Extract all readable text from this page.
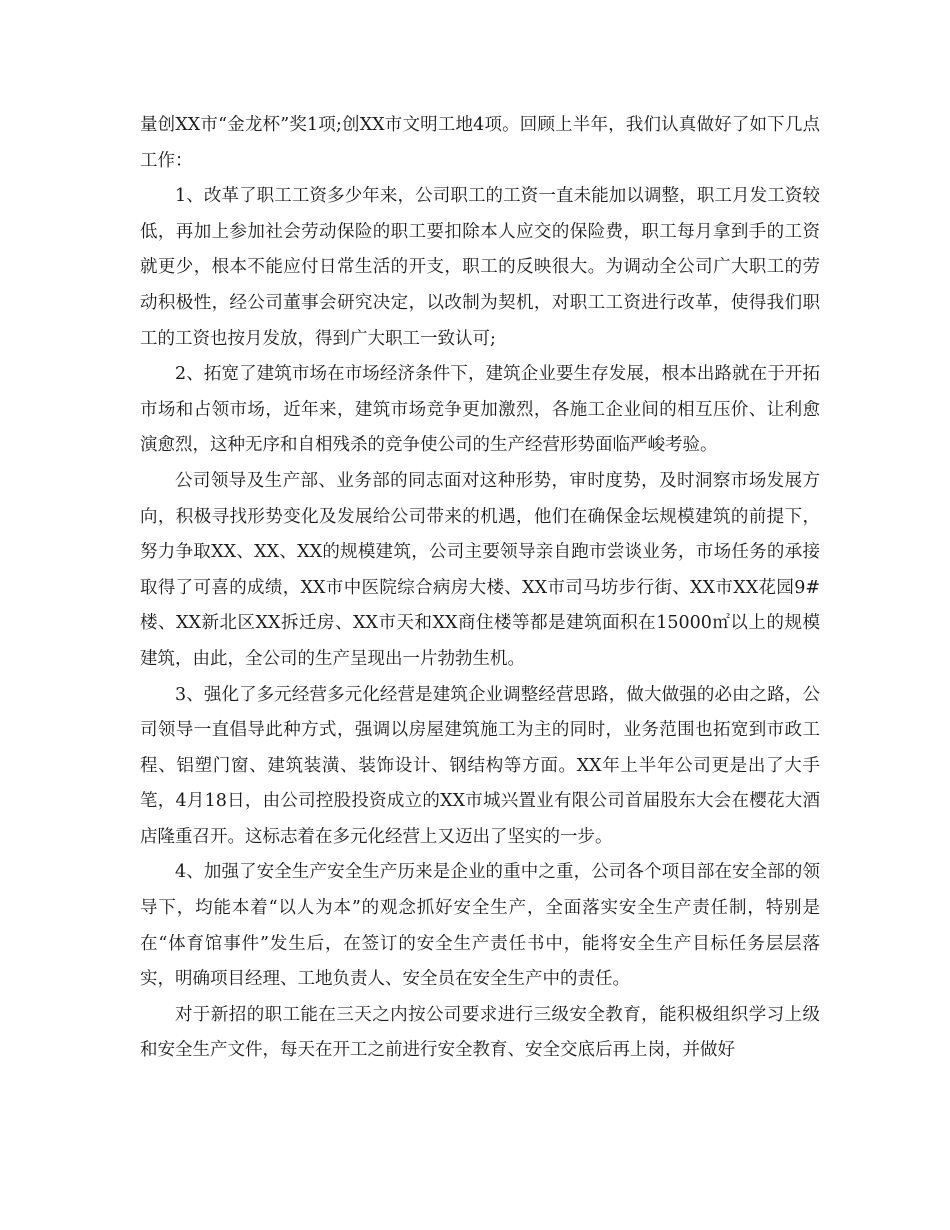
量创XX市“金龙杯”奖1项;创XX市文明工地4项。回顾上半年，我们认真做好了如下几点工作：

1、改革了职工工资多少年来，公司职工的工资一直未能加以调整，职工月发工资较低，再加上参加社会劳动保险的职工要扣除本人应交的保险费，职工每月拿到手的工资就更少，根本不能应付日常生活的开支，职工的反映很大。为调动全公司广大职工的劳动积极性，经公司董事会研究决定，以改制为契机，对职工工资进行改革，使得我们职工的工资也按月发放，得到广大职工一致认可;

2、拓宽了建筑市场在市场经济条件下，建筑企业要生存发展，根本出路就在于开拓市场和占领市场，近年来，建筑市场竞争更加激烈，各施工企业间的相互压价、让利愈演愈烈，这种无序和自相残杀的竞争使公司的生产经营形势面临严峻考验。

公司领导及生产部、业务部的同志面对这种形势，审时度势，及时洞察市场发展方向，积极寻找形势变化及发展给公司带来的机遇，他们在确保金坛规模建筑的前提下，努力争取XX、XX、XX的规模建筑，公司主要领导亲自跑市尝谈业务，市场任务的承接取得了可喜的成绩，XX市中医院综合病房大楼、XX市司马坊步行街、XX市XX花园9#楼、XX新北区XX拆迁房、XX市天和XX商住楼等都是建筑面积在15000㎡以上的规模建筑，由此，全公司的生产呈现出一片勃勃生机。

3、强化了多元经营多元化经营是建筑企业调整经营思路，做大做强的必由之路，公司领导一直倡导此种方式，强调以房屋建筑施工为主的同时，业务范围也拓宽到市政工程、铝塑门窗、建筑装潢、装饰设计、钢结构等方面。XX年上半年公司更是出了大手笔，4月18日，由公司控股投资成立的XX市城兴置业有限公司首届股东大会在樱花大酒店隆重召开。这标志着在多元化经营上又迈出了坚实的一步。

4、加强了安全生产安全生产历来是企业的重中之重，公司各个项目部在安全部的领导下，均能本着“以人为本”的观念抓好安全生产，全面落实安全生产责任制，特别是在“体育馆事件”发生后，在签订的安全生产责任书中，能将安全生产目标任务层层落实，明确项目经理、工地负责人、安全员在安全生产中的责任。

对于新招的职工能在三天之内按公司要求进行三级安全教育，能积极组织学习上级和安全生产文件，每天在开工之前进行安全教育、安全交底后再上岗，并做好
